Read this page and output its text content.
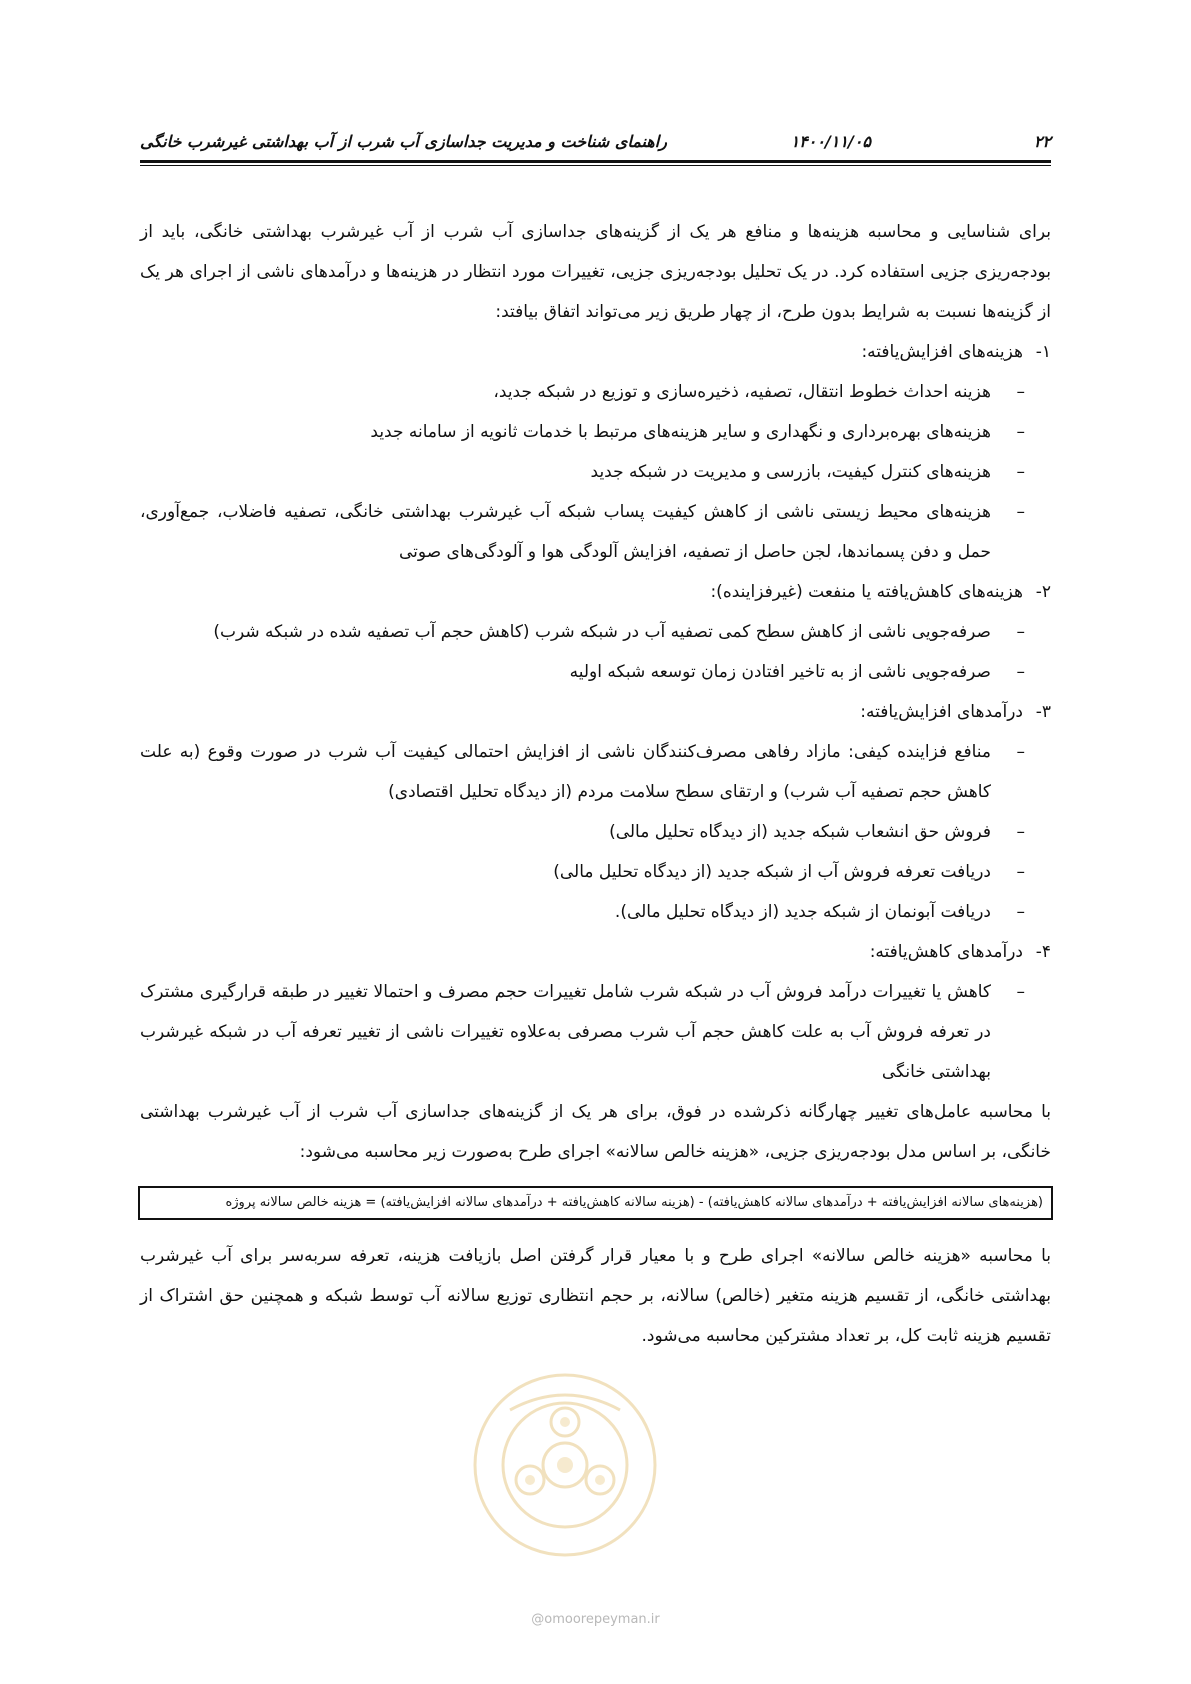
۲۲
۱۴۰۰/۱۱/۰۵
راهنمای شناخت و مدیریت جداسازی آب شرب از آب بهداشتی غیرشرب خانگی

برای شناسایی و محاسبه هزینه‌ها و منافع هر یک از گزینه‌های جداسازی آب شرب از آب غیرشرب بهداشتی خانگی، باید از بودجه‌ریزی جزیی استفاده کرد. در یک تحلیل بودجه‌ریزی جزیی، تغییرات مورد انتظار در هزینه‌ها و درآمدهای ناشی از اجرای هر یک از گزینه‌ها نسبت به شرایط بدون طرح، از چهار طریق زیر می‌تواند اتفاق بیافتد:

۱-هزینه‌های افزایش‌یافته:

– هزینه احداث خطوط انتقال، تصفیه، ذخیره‌سازی و توزیع در شبکه جدید،
– هزینه‌های بهره‌برداری و نگهداری و سایر هزینه‌های مرتبط با خدمات ثانویه از سامانه جدید
– هزینه‌های کنترل کیفیت، بازرسی و مدیریت در شبکه جدید
– هزینه‌های محیط زیستی ناشی از کاهش کیفیت پساب شبکه آب غیرشرب بهداشتی خانگی، تصفیه فاضلاب، جمع‌آوری، حمل و دفن پسماندها، لجن حاصل از تصفیه، افزایش آلودگی هوا و آلودگی‌های صوتی

۲-هزینه‌های کاهش‌یافته یا منفعت (غیرفزاینده):

– صرفه‌جویی ناشی از کاهش سطح کمی تصفیه آب در شبکه شرب (کاهش حجم آب تصفیه شده در شبکه شرب)
– صرفه‌جویی ناشی از به تاخیر افتادن زمان توسعه شبکه اولیه

۳-درآمدهای افزایش‌یافته:

– منافع فزاینده کیفی: مازاد رفاهی مصرف‌کنندگان ناشی از افزایش احتمالی کیفیت آب شرب در صورت وقوع (به علت کاهش حجم تصفیه آب شرب) و ارتقای سطح سلامت مردم (از دیدگاه تحلیل اقتصادی)
– فروش حق انشعاب شبکه جدید (از دیدگاه تحلیل مالی)
– دریافت تعرفه فروش آب از شبکه جدید (از دیدگاه تحلیل مالی)
– دریافت آبونمان از شبکه جدید (از دیدگاه تحلیل مالی).

۴-درآمدهای کاهش‌یافته:

– کاهش یا تغییرات درآمد فروش آب در شبکه شرب شامل تغییرات حجم مصرف و احتمالا تغییر در طبقه قرارگیری مشترک در تعرفه فروش آب به علت کاهش حجم آب شرب مصرفی به‌علاوه تغییرات ناشی از تغییر تعرفه آب در شبکه غیرشرب بهداشتی خانگی

با محاسبه عامل‌های تغییر چهارگانه ذکرشده در فوق، برای هر یک از گزینه‌های جداسازی آب شرب از آب غیرشرب بهداشتی خانگی، بر اساس مدل بودجه‌ریزی جزیی، «هزینه خالص سالانه» اجرای طرح به‌صورت زیر محاسبه می‌شود:

(هزینه‌های سالانه افزایش‌یافته + درآمدهای سالانه کاهش‌یافته) - (هزینه سالانه کاهش‌یافته + درآمدهای سالانه افزایش‌یافته) = هزینه خالص سالانه پروژه

با محاسبه «هزینه خالص سالانه» اجرای طرح و با معیار قرار گرفتن اصل بازیافت هزینه، تعرفه سربه‌سر برای آب غیرشرب بهداشتی خانگی، از تقسیم هزینه متغیر (خالص) سالانه، بر حجم انتظاری توزیع سالانه آب توسط شبکه و همچنین حق اشتراک از تقسیم هزینه ثابت کل، بر تعداد مشترکین محاسبه می‌شود.

@omoorepeyman.ir
